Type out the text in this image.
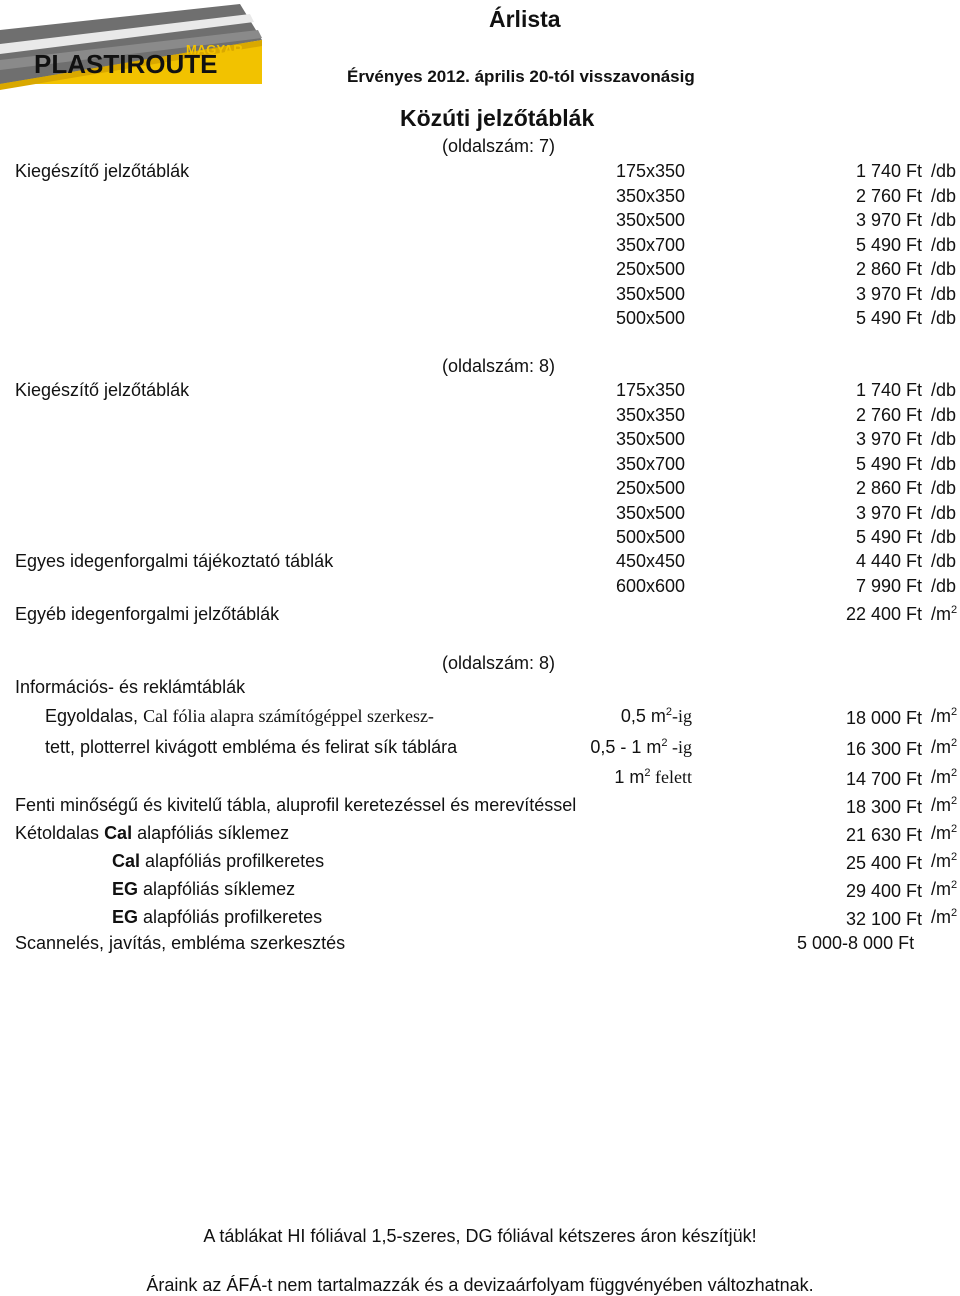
MAGYAR
PLASTIROUTE
Árlista
Érvényes 2012. április 20-tól visszavonásig
Közúti jelzőtáblák
(oldalszám: 7)
Kiegészítő jelzőtáblák	175x350	1 740 Ft /db
350x350	2 760 Ft /db
350x500	3 970 Ft /db
350x700	5 490 Ft /db
250x500	2 860 Ft /db
350x500	3 970 Ft /db
500x500	5 490 Ft /db
(oldalszám: 8)
Kiegészítő jelzőtáblák	175x350	1 740 Ft /db
350x350	2 760 Ft /db
350x500	3 970 Ft /db
350x700	5 490 Ft /db
250x500	2 860 Ft /db
350x500	3 970 Ft /db
500x500	5 490 Ft /db
Egyes idegenforgalmi tájékoztató táblák	450x450	4 440 Ft /db
600x600	7 990 Ft /db
Egyéb idegenforgalmi jelzőtáblák	22 400 Ft $/m^2$
(oldalszám: 8)
Információs- és reklámtáblák
Egyoldalas, Cal fólia alapra számítógéppel szerkesz-
tett, plotterrel kivágott embléma és felirat sík táblára
0,5 $m^2-ig$	18 000 Ft $/m^2$
0,5 - 1 $m^2$ -ig	16 300 Ft $/m^2$
1 $m^2$ felett	14 700 Ft $/m^2$
Fenti minőségű és kivitelű tábla, aluprofil keretezéssel és merevítéssel	18 300 Ft $/m^2$
Kétoldalas Cal alapfóliás síklemez	21 630 Ft $/m^2$
Cal alapfóliás profilkeretes	25 400 Ft $/m^2$
EG alapfóliás síklemez	29 400 Ft $/m^2$
EG alapfóliás profilkeretes	32 100 Ft $/m^2$
Scannelés, javítás, embléma szerkesztés	5 000-8 000 Ft
A táblákat HI fóliával 1,5-szeres, DG fóliával kétszeres áron készítjük!
Áraink az ÁFÁ-t nem tartalmazzák és a devizaárfolyam függvényében változhatnak.
